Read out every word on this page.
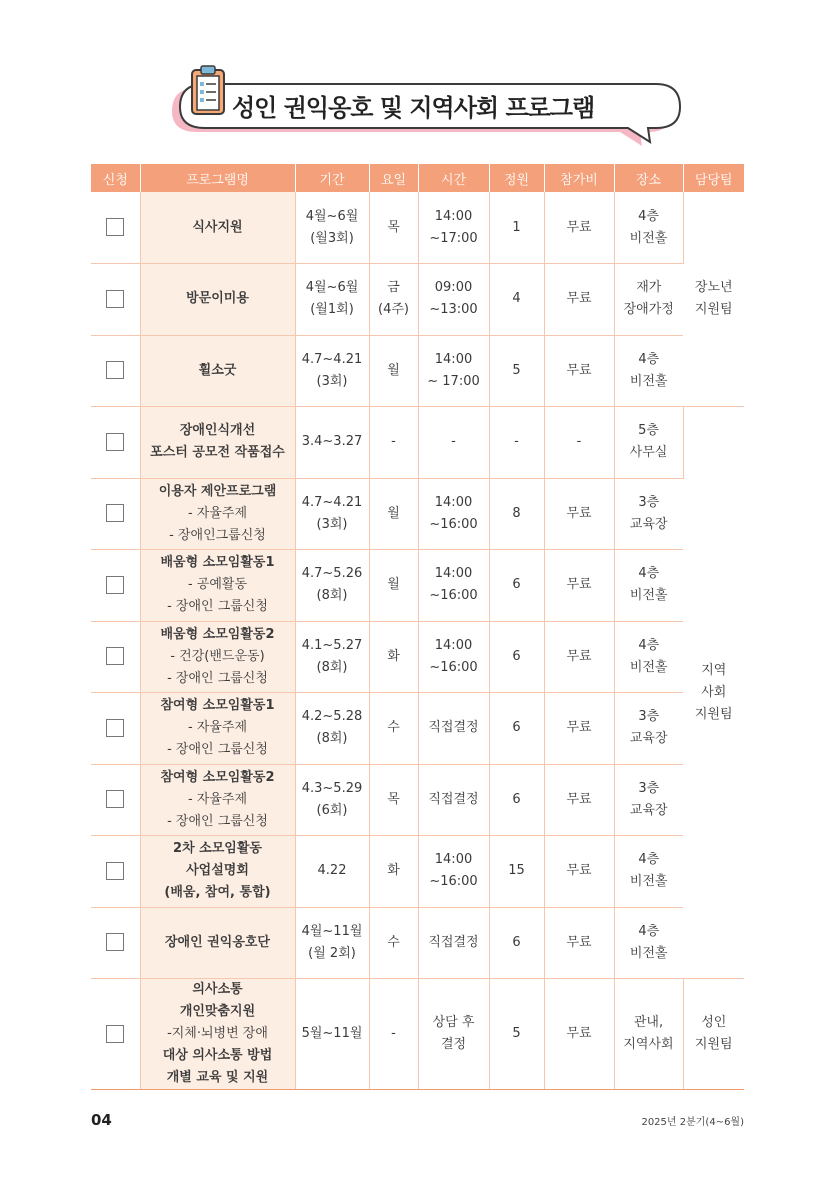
성인 권익옹호 및 지역사회 프로그램
신청	프로그램명	기간	요일	시간	정원	참가비	장소	담당팀

	식사지원	4월~6월
(월3회)	목	14:00
~17:00	1	무료	4층
비전홀	장노년
지원팀

	방문이미용	4월~6월
(월1회)	금
(4주)	09:00
~13:00	4	무료	재가
장애가정	

	휠소굿	4.7~4.21
(3회)	월	14:00
~ 17:00	5	무료	4층
비전홀	

	장애인식개선
포스터 공모전 작품접수	3.4~3.27	-	-	-	-	5층
사무실	지역
사회
지원팀

	이용자 제안프로그램
- 자율주제
- 장애인그룹신청	4.7~4.21
(3회)	월	14:00
~16:00	8	무료	3층
교육장	

	배움형 소모임활동1
- 공예활동
- 장애인 그룹신청	4.7~5.26
(8회)	월	14:00
~16:00	6	무료	4층
비전홀	

	배움형 소모임활동2
- 건강(밴드운동)
- 장애인 그룹신청	4.1~5.27
(8회)	화	14:00
~16:00	6	무료	4층
비전홀	

	참여형 소모임활동1
- 자율주제
- 장애인 그룹신청	4.2~5.28
(8회)	수	직접결정	6	무료	3층
교육장	

	참여형 소모임활동2
- 자율주제
- 장애인 그룹신청	4.3~5.29
(6회)	목	직접결정	6	무료	3층
교육장	

	2차 소모임활동
사업설명회
(배움, 참여, 통합)	4.22	화	14:00
~16:00	15	무료	4층
비전홀	

	장애인 권익옹호단	4월~11월
(월 2회)	수	직접결정	6	무료	4층
비전홀	

	의사소통
개인맞춤지원
-지체·뇌병변 장애
대상 의사소통 방법
개별 교육 및 지원	5월~11월	-	상담 후
결정	5	무료	관내,
지역사회	성인
지원팀
04	2025년 2분기(4~6월)
